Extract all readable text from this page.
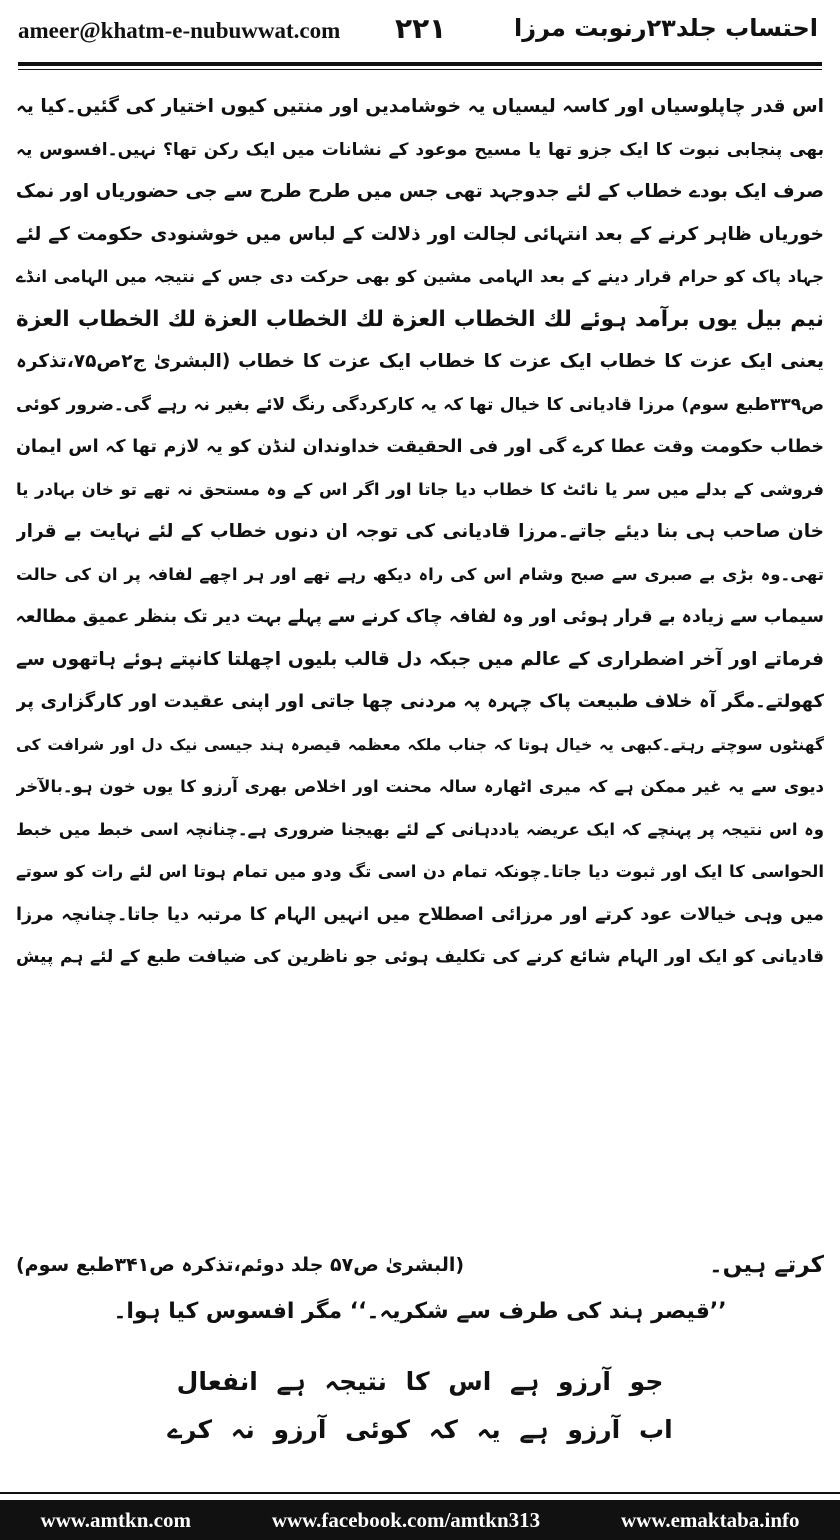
ameer@khatm-e-nubuwwat.com ۲۲۱	احتساب جلد۲۳رنوبت مرزا
اس قدر چاپلوسیاں اور کاسہ لیسیاں یہ خوشامدیں اور منتیں کیوں اختیار کی گئیں۔کیا یہ
بھی پنجابی نبوت کا ایک جزو تھا یا مسیح موعود کے نشانات میں ایک رکن تھا؟ نہیں۔افسوس یہ
صرف ایک بودے خطاب کے لئے جدوجہد تھی جس میں طرح طرح سے جی حضوریاں اور نمک
خوریاں ظاہر کرنے کے بعد انتہائی لجالت اور ذلالت کے لباس میں خوشنودی حکومت کے لئے
جہاد پاک کو حرام قرار دینے کے بعد الہامی مشین کو بھی حرکت دی جس کے نتیجہ میں الہامی انڈے
نیم بیل یوں برآمد ہوئے لك الخطاب العزة لك الخطاب العزة لك الخطاب العزة
یعنی ایک عزت کا خطاب ایک عزت کا خطاب ایک عزت کا خطاب (البشریٰ ج۲ص۷۵،تذکرہ
ص۳۳۹طبع سوم) مرزا قادیانی کا خیال تھا کہ یہ کارکردگی رنگ لائے بغیر نہ رہے گی۔ضرور کوئی
خطاب حکومت وقت عطا کرے گی اور فی الحقیقت خداوندان لنڈن کو یہ لازم تھا کہ اس ایمان
فروشی کے بدلے میں سر یا نائٹ کا خطاب دیا جاتا اور اگر اس کے وہ مستحق نہ تھے تو خان بہادر یا
خان صاحب ہی بنا دیئے جاتے۔مرزا قادیانی کی توجہ ان دنوں خطاب کے لئے نہایت بے قرار
تھی۔وہ بڑی بے صبری سے صبح وشام اس کی راہ دیکھ رہے تھے اور ہر اچھے لفافہ پر ان کی حالت
سیماب سے زیادہ بے قرار ہوئی اور وہ لفافہ چاک کرنے سے پہلے بہت دیر تک بنظر عمیق مطالعہ
فرماتے اور آخر اضطراری کے عالم میں جبکہ دل قالب بلیوں اچھلتا کانپتے ہوئے ہاتھوں سے
کھولتے۔مگر آہ خلاف طبیعت پاک چہرہ پہ مردنی چھا جاتی اور اپنی عقیدت اور کارگزاری پر
گھنٹوں سوچتے رہتے۔کبھی یہ خیال ہوتا کہ جناب ملکہ معظمہ قیصرہ ہند جیسی نیک دل اور شرافت کی
دیوی سے یہ غیر ممکن ہے کہ میری اٹھارہ سالہ محنت اور اخلاص بھری آرزو کا یوں خون ہو۔بالآخر
وہ اس نتیجہ پر پہنچے کہ ایک عریضہ یاددہانی کے لئے بھیجنا ضروری ہے۔چنانچہ اسی خبط میں خبط
الحواسی کا ایک اور ثبوت دیا جاتا۔چونکہ تمام دن اسی تگ ودو میں تمام ہوتا اس لئے رات کو سوتے
میں وہی خیالات عود کرتے اور مرزائی اصطلاح میں انہیں الہام کا مرتبہ دیا جاتا۔چنانچہ مرزا
قادیانی کو ایک اور الہام شائع کرنے کی تکلیف ہوئی جو ناظرین کی ضیافت طبع کے لئے ہم پیش
کرتے ہیں۔
(البشریٰ ص۵۷ جلد دوئم،تذکرہ ص۳۴۱طبع سوم)
’’قیصر ہند کی طرف سے شکریہ۔‘‘ مگر افسوس کیا ہوا۔
جو آرزو ہے اس کا نتیجہ ہے انفعال
اب آرزو ہے یہ کہ کوئی آرزو نہ کرے
www.amtkn.com	www.facebook.com/amtkn313	www.emaktaba.info
